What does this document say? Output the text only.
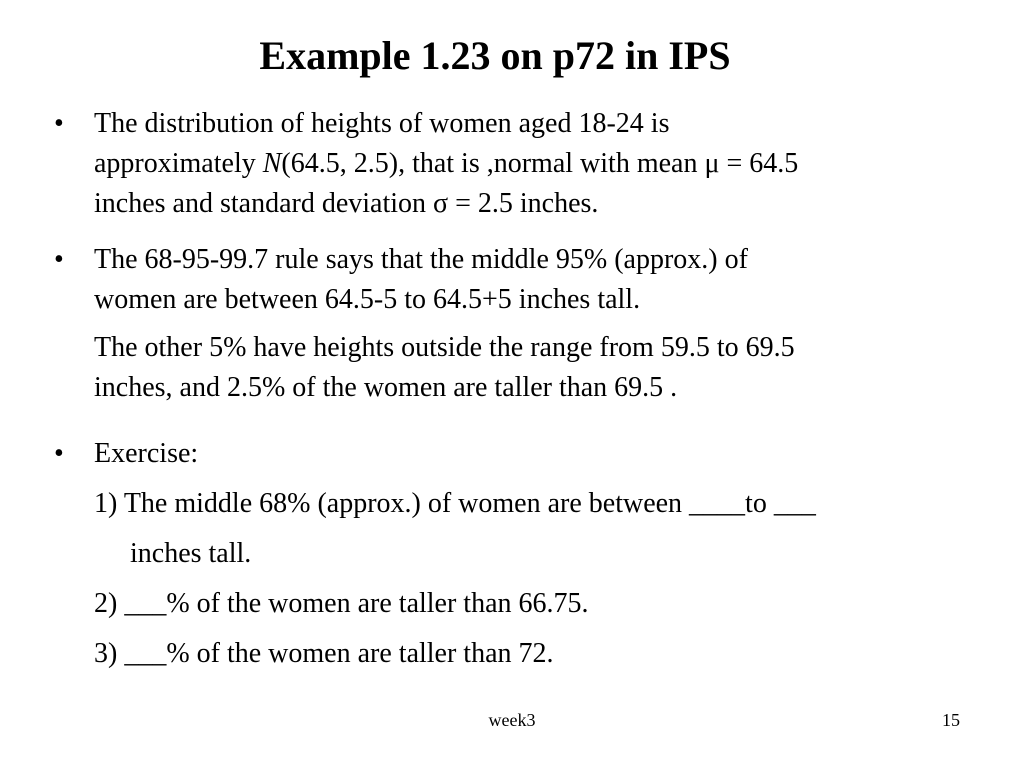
Example 1.23 on p72 in IPS
• The distribution of heights of women aged 18-24 is
approximately N(64.5, 2.5), that is ,normal with mean μ = 64.5
inches and standard deviation σ = 2.5 inches.
• The 68-95-99.7 rule says that the middle 95% (approx.) of
women are between 64.5-5 to 64.5+5 inches tall.
The other 5% have heights outside the range from 59.5 to 69.5
inches, and 2.5% of the women are taller than 69.5 .
• Exercise:
1) The middle 68% (approx.) of women are between ____to ___
inches tall.
2) ___% of the women are taller than 66.75.
3) ___% of the women are taller than 72.
week3	15
